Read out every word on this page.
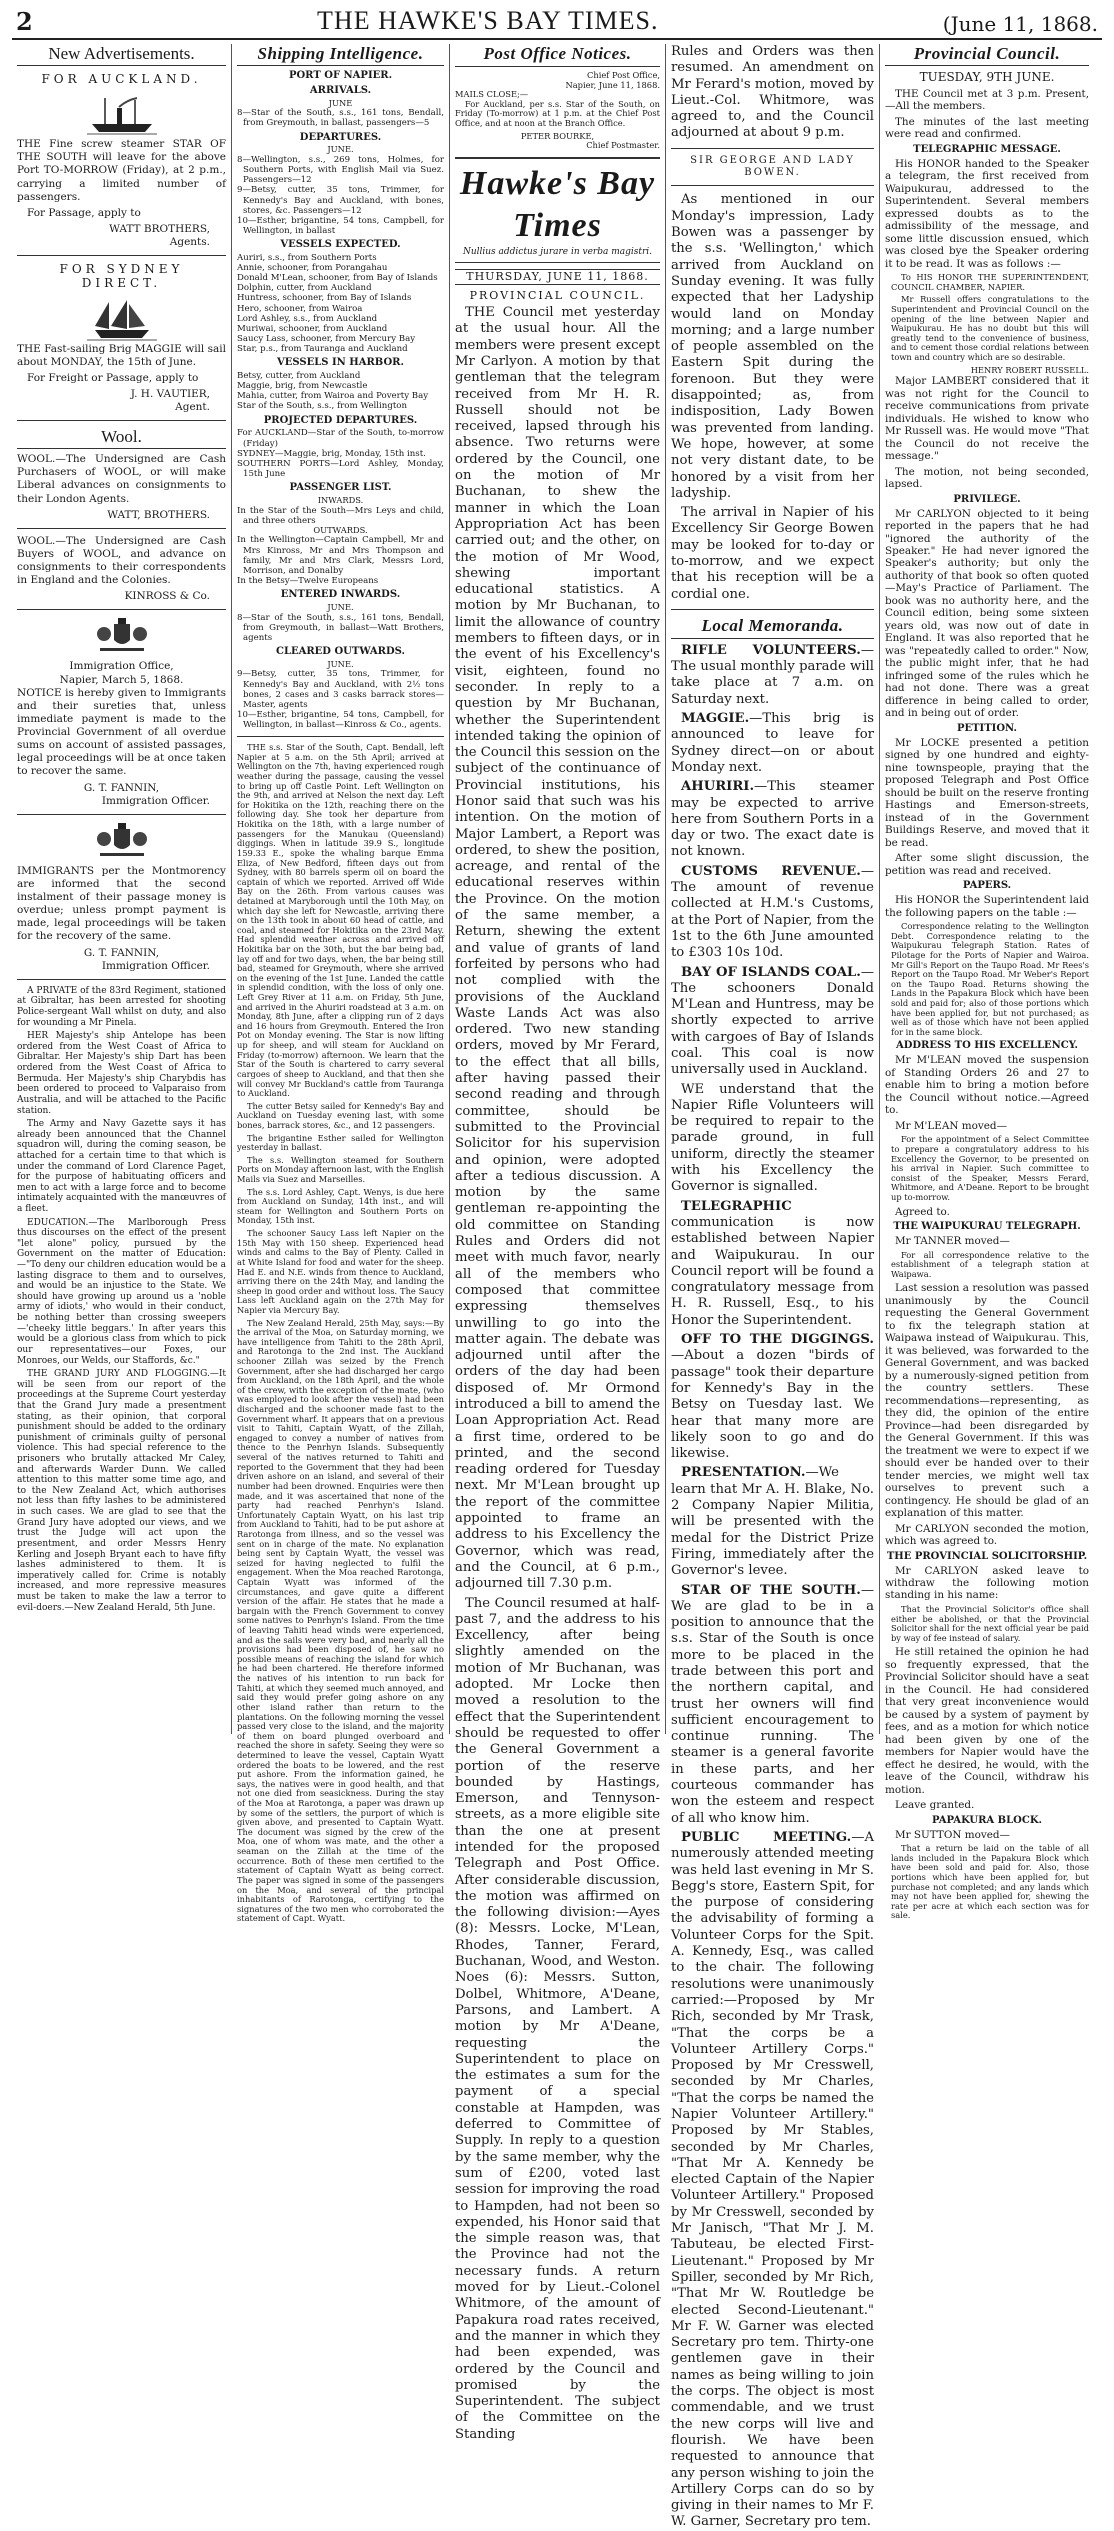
2	THE HAWKE'S BAY TIMES.	(June 11, 1868.
New Advertisements.
FOR AUCKLAND.

THE Fine screw steamer STAR OF THE SOUTH will leave for the above Port TO-MORROW (Friday), at 2 p.m., carrying a limited number of passengers.

For Passage, apply to

WATT BROTHERS,
Agents.
FOR SYDNEY DIRECT.

THE Fast-sailing Brig MAGGIE will sail about MONDAY, the 15th of June.

For Freight or Passage, apply to

J. H. VAUTIER,
Agent.
Wool.

WOOL.—The Undersigned are Cash Purchasers of WOOL, or will make Liberal advances on consignments to their London Agents.

WATT, BROTHERS.

WOOL.—The Undersigned are Cash Buyers of WOOL, and advance on consignments to their correspondents in England and the Colonies.

KINROSS & Co.
Immigration Office,
Napier, March 5, 1868.

NOTICE is hereby given to Immigrants and their sureties that, unless immediate payment is made to the Provincial Government of all overdue sums on account of assisted passages, legal proceedings will be at once taken to recover the same.

G. T. FANNIN,
Immigration Officer.

IMMIGRANTS per the Montmorency are informed that the second instalment of their passage money is overdue; unless prompt payment is made, legal proceedings will be taken for the recovery of the same.

G. T. FANNIN,
Immigration Officer.

A PRIVATE of the 83rd Regiment, stationed at Gibraltar, has been arrested for shooting Police-sergeant Wall whilst on duty, and also for wounding a Mr Pinela.

HER Majesty's ship Antelope has been ordered from the West Coast of Africa to Gibraltar. Her Majesty's ship Dart has been ordered from the West Coast of Africa to Bermuda. Her Majesty's ship Charybdis has been ordered to proceed to Valparaiso from Australia, and will be attached to the Pacific station.

The Army and Navy Gazette says it has already been announced that the Channel squadron will, during the coming season, be attached for a certain time to that which is under the command of Lord Clarence Paget, for the purpose of habituating officers and men to act with a large force and to become intimately acquainted with the manœuvres of a fleet.

EDUCATION.—The Marlborough Press thus discourses on the effect of the present "let alone" policy, pursued by the Government on the matter of Education:—"To deny our children education would be a lasting disgrace to them and to ourselves, and would be an injustice to the State. We should have growing up around us a 'noble army of idiots,' who would in their conduct, be nothing better than crossing sweepers—'cheeky little beggars.' In after years this would be a glorious class from which to pick our representatives—our Foxes, our Monroes, our Welds, our Staffords, &c."

THE GRAND JURY AND FLOGGING.—It will be seen from our report of the proceedings at the Supreme Court yesterday that the Grand Jury made a presentment stating, as their opinion, that corporal punishment should be added to the ordinary punishment of criminals guilty of personal violence. This had special reference to the prisoners who brutally attacked Mr Caley, and afterwards Warder Dunn. We called attention to this matter some time ago, and to the New Zealand Act, which authorises not less than fifty lashes to be administered in such cases. We are glad to see that the Grand Jury have adopted our views, and we trust the Judge will act upon the presentment, and order Messrs Henry Kerling and Joseph Bryant each to have fifty lashes administered to them. It is imperatively called for. Crime is notably increased, and more repressive measures must be taken to make the law a terror to evil-doers.—New Zealand Herald, 5th June.

Shipping Intelligence.
PORT OF NAPIER.
ARRIVALS.
JUNE
8—Star of the South, s.s., 161 tons, Bendall, from Greymouth, in ballast, passengers—5
DEPARTURES.
JUNE.
8—Wellington, s.s., 269 tons, Holmes, for Southern Ports, with English Mail via Suez. Passengers—12
9—Betsy, cutter, 35 tons, Trimmer, for Kennedy's Bay and Auckland, with bones, stores, &c. Passengers—12
10—Esther, brigantine, 54 tons, Campbell, for Wellington, in ballast
VESSELS EXPECTED.
Auriri, s.s., from Southern Ports
Annie, schooner, from Porangahau
Donald M'Lean, schooner, from Bay of Islands
Dolphin, cutter, from Auckland
Huntress, schooner, from Bay of Islands
Hero, schooner, from Wairoa
Lord Ashley, s.s., from Auckland
Muriwai, schooner, from Auckland
Saucy Lass, schooner, from Mercury Bay
Star, p.s., from Tauranga and Auckland
VESSELS IN HARBOR.
Betsy, cutter, from Auckland
Maggie, brig, from Newcastle
Mahia, cutter, from Wairoa and Poverty Bay
Star of the South, s.s., from Wellington
PROJECTED DEPARTURES.
For AUCKLAND—Star of the South, to-morrow (Friday)
SYDNEY—Maggie, brig, Monday, 15th inst.
SOUTHERN PORTS—Lord Ashley, Monday, 15th June
PASSENGER LIST.
INWARDS.
In the Star of the South—Mrs Leys and child, and three others
OUTWARDS.
In the Wellington—Captain Campbell, Mr and Mrs Kinross, Mr and Mrs Thompson and family, Mr and Mrs Clark, Messrs Lord, Morrison, and Donalby
In the Betsy—Twelve Europeans
ENTERED INWARDS.
JUNE.
8—Star of the South, s.s., 161 tons, Bendall, from Greymouth, in ballast—Watt Brothers, agents
CLEARED OUTWARDS.
JUNE.
9—Betsy, cutter, 35 tons, Trimmer, for Kennedy's Bay and Auckland, with 2½ tons bones, 2 cases and 3 casks barrack stores—Master, agents
10—Esther, brigantine, 54 tons, Campbell, for Wellington, in ballast—Kinross & Co., agents.

THE s.s. Star of the South, Capt. Bendall, left Napier at 5 a.m. on the 5th April; arrived at Wellington on the 7th, having experienced rough weather during the passage, causing the vessel to bring up off Castle Point. Left Wellington on the 9th, and arrived at Nelson the next day. Left for Hokitika on the 12th, reaching there on the following day. She took her departure from Hokitika on the 18th, with a large number of passengers for the Manukau (Queensland) diggings. When in latitude 39.9 S., longitude 159.33 E., spoke the whaling barque Emma Eliza, of New Bedford, fifteen days out from Sydney, with 80 barrels sperm oil on board the captain of which we reported. Arrived off Wide Bay on the 26th. From various causes was detained at Maryborough until the 10th May, on which day she left for Newcastle, arriving there on the 13th took in about 60 head of cattle, and coal, and steamed for Hokitika on the 23rd May. Had splendid weather across and arrived off Hokitika bar on the 30th, but the bar being bad, lay off and for two days, when, the bar being still bad, steamed for Greymouth, where she arrived on the evening of the 1st June. Landed the cattle in splendid condition, with the loss of only one. Left Grey River at 11 a.m. on Friday, 5th June, and arrived in the Ahuriri roadstead at 3 a.m. on Monday, 8th June, after a clipping run of 2 days and 16 hours from Greymouth. Entered the Iron Pot on Monday evening. The Star is now lifting up for sheep, and will steam for Auckland on Friday (to-morrow) afternoon. We learn that the Star of the South is chartered to carry several cargoes of sheep to Auckland, and that then she will convey Mr Buckland's cattle from Tauranga to Auckland.

The cutter Betsy sailed for Kennedy's Bay and Auckland on Tuesday evening last, with some bones, barrack stores, &c., and 12 passengers.

The brigantine Esther sailed for Wellington yesterday in ballast.

The s.s. Wellington steamed for Southern Ports on Monday afternoon last, with the English Mails via Suez and Marseilles.

The s.s. Lord Ashley, Capt. Wenys, is due here from Auckland on Sunday, 14th inst., and will steam for Wellington and Southern Ports on Monday, 15th inst.

The schooner Saucy Lass left Napier on the 15th May with 150 sheep. Experienced head winds and calms to the Bay of Plenty. Called in at White Island for food and water for the sheep. Had E. and N.E. winds from thence to Auckland, arriving there on the 24th May, and landing the sheep in good order and without loss. The Saucy Lass left Auckland again on the 27th May for Napier via Mercury Bay.

The New Zealand Herald, 25th May, says:—By the arrival of the Moa, on Saturday morning, we have intelligence from Tahiti to the 28th April, and Rarotonga to the 2nd inst. The Auckland schooner Zillah was seized by the French Government, after she had discharged her cargo from Auckland, on the 18th April, and the whole of the crew, with the exception of the mate, (who was employed to look after the vessel) had been discharged and the schooner made fast to the Government wharf. It appears that on a previous visit to Tahiti, Captain Wyatt, of the Zillah, engaged to convey a number of natives from thence to the Penrhyn Islands. Subsequently several of the natives returned to Tahiti and reported to the Government that they had been driven ashore on an island, and several of their number had been drowned. Enquiries were then made, and it was ascertained that none of the party had reached Penrhyn's Island. Unfortunately Captain Wyatt, on his last trip from Auckland to Tahiti, had to be put ashore at Rarotonga from illness, and so the vessel was sent on in charge of the mate. No explanation being sent by Captain Wyatt, the vessel was seized for having neglected to fulfil the engagement. When the Moa reached Rarotonga, Captain Wyatt was informed of the circumstances, and gave quite a different version of the affair. He states that he made a bargain with the French Government to convey some natives to Penrhyn's Island. From the time of leaving Tahiti head winds were experienced, and as the sails were very bad, and nearly all the provisions had been disposed of, he saw no possible means of reaching the island for which he had been chartered. He therefore informed the natives of his intention to run back for Tahiti, at which they seemed much annoyed, and said they would prefer going ashore on any other island rather than return to the plantations. On the following morning the vessel passed very close to the island, and the majority of them on board plunged overboard and reached the shore in safety. Seeing they were so determined to leave the vessel, Captain Wyatt ordered the boats to be lowered, and the rest put ashore. From the information gained, he says, the natives were in good health, and that not one died from seasickness. During the stay of the Moa at Rarotonga, a paper was drawn up by some of the settlers, the purport of which is given above, and presented to Captain Wyatt. The document was signed by the crew of the Moa, one of whom was mate, and the other a seaman on the Zillah at the time of the occurrence. Both of these men certified to the statement of Captain Wyatt as being correct. The paper was signed in some of the passengers on the Moa, and several of the principal inhabitants of Rarotonga, certifying to the signatures of the two men who corroborated the statement of Capt. Wyatt.

Post Office Notices.
Chief Post Office,
Napier, June 11, 1868.
MAILS CLOSE;—

For Auckland, per s.s. Star of the South, on Friday (To-morrow) at 1 p.m. at the Chief Post Office, and at noon at the Branch Office.

PETER BOURKE,
Chief Postmaster.
Hawke's Bay Times
Nullius addictus jurare in verba magistri.
THURSDAY, JUNE 11, 1868.
PROVINCIAL COUNCIL.

THE Council met yesterday at the usual hour. All the members were present except Mr Carlyon. A motion by that gentleman that the telegram received from Mr H. R. Russell should not be received, lapsed through his absence. Two returns were ordered by the Council, one on the motion of Mr Buchanan, to shew the manner in which the Loan Appropriation Act has been carried out; and the other, on the motion of Mr Wood, shewing important educational statistics. A motion by Mr Buchanan, to limit the allowance of country members to fifteen days, or in the event of his Excellency's visit, eighteen, found no seconder. In reply to a question by Mr Buchanan, whether the Superintendent intended taking the opinion of the Council this session on the subject of the continuance of Provincial institutions, his Honor said that such was his intention. On the motion of Major Lambert, a Report was ordered, to shew the position, acreage, and rental of the educational reserves within the Province. On the motion of the same member, a Return, shewing the extent and value of grants of land forfeited by persons who had not complied with the provisions of the Auckland Waste Lands Act was also ordered. Two new standing orders, moved by Mr Ferard, to the effect that all bills, after having passed their second reading and through committee, should be submitted to the Provincial Solicitor for his supervision and opinion, were adopted after a tedious discussion. A motion by the same gentleman re-appointing the old committee on Standing Rules and Orders did not meet with much favor, nearly all of the members who composed that committee expressing themselves unwilling to go into the matter again. The debate was adjourned until after the orders of the day had been disposed of. Mr Ormond introduced a bill to amend the Loan Appropriation Act. Read a first time, ordered to be printed, and the second reading ordered for Tuesday next. Mr M'Lean brought up the report of the committee appointed to frame an address to his Excellency the Governor, which was read, and the Council, at 6 p.m., adjourned till 7.30 p.m.

The Council resumed at half-past 7, and the address to his Excellency, after being slightly amended on the motion of Mr Buchanan, was adopted. Mr Locke then moved a resolution to the effect that the Superintendent should be requested to offer the General Government a portion of the reserve bounded by Hastings, Emerson, and Tennyson-streets, as a more eligible site than the one at present intended for the proposed Telegraph and Post Office. After considerable discussion, the motion was affirmed on the following division:—Ayes (8): Messrs. Locke, M'Lean, Rhodes, Tanner, Ferard, Buchanan, Wood, and Weston. Noes (6): Messrs. Sutton, Dolbel, Whitmore, A'Deane, Parsons, and Lambert. A motion by Mr A'Deane, requesting the Superintendent to place on the estimates a sum for the payment of a special constable at Hampden, was deferred to Committee of Supply. In reply to a question by the same member, why the sum of £200, voted last session for improving the road to Hampden, had not been so expended, his Honor said that the simple reason was, that the Province had not the necessary funds. A return moved for by Lieut.-Colonel Whitmore, of the amount of Papakura road rates received, and the manner in which they had been expended, was ordered by the Council and promised by the Superintendent. The subject of the Committee on the Standing

Rules and Orders was then resumed. An amendment on Mr Ferard's motion, moved by Lieut.-Col. Whitmore, was agreed to, and the Council adjourned at about 9 p.m.

SIR GEORGE AND LADY BOWEN.

As mentioned in our Monday's impression, Lady Bowen was a passenger by the s.s. 'Wellington,' which arrived from Auckland on Sunday evening. It was fully expected that her Ladyship would land on Monday morning; and a large number of people assembled on the Eastern Spit during the forenoon. But they were disappointed; as, from indisposition, Lady Bowen was prevented from landing. We hope, however, at some not very distant date, to be honored by a visit from her ladyship.

The arrival in Napier of his Excellency Sir George Bowen may be looked for to-day or to-morrow, and we expect that his reception will be a cordial one.

Local Memoranda.

RIFLE VOLUNTEERS.—The usual monthly parade will take place at 7 a.m. on Saturday next.

MAGGIE.—This brig is announced to leave for Sydney direct—on or about Monday next.

AHURIRI.—This steamer may be expected to arrive here from Southern Ports in a day or two. The exact date is not known.

CUSTOMS REVENUE.—The amount of revenue collected at H.M.'s Customs, at the Port of Napier, from the 1st to the 6th June amounted to £303 10s 10d.

BAY OF ISLANDS COAL.—The schooners Donald M'Lean and Huntress, may be shortly expected to arrive with cargoes of Bay of Islands coal. This coal is now universally used in Auckland.

WE understand that the Napier Rifle Volunteers will be required to repair to the parade ground, in full uniform, directly the steamer with his Excellency the Governor is signalled.

TELEGRAPHIC communication is now established between Napier and Waipukurau. In our Council report will be found a congratulatory message from H. R. Russell, Esq., to his Honor the Superintendent.

OFF TO THE DIGGINGS.—About a dozen "birds of passage" took their departure for Kennedy's Bay in the Betsy on Tuesday last. We hear that many more are likely soon to go and do likewise.

PRESENTATION.—We learn that Mr A. H. Blake, No. 2 Company Napier Militia, will be presented with the medal for the District Prize Firing, immediately after the Governor's levee.

STAR OF THE SOUTH.—We are glad to be in a position to announce that the s.s. Star of the South is once more to be placed in the trade between this port and the northern capital, and trust her owners will find sufficient encouragement to continue running. The steamer is a general favorite in these parts, and her courteous commander has won the esteem and respect of all who know him.

PUBLIC MEETING.—A numerously attended meeting was held last evening in Mr S. Begg's store, Eastern Spit, for the purpose of considering the advisability of forming a Volunteer Corps for the Spit. A. Kennedy, Esq., was called to the chair. The following resolutions were unanimously carried:—Proposed by Mr Rich, seconded by Mr Trask, "That the corps be a Volunteer Artillery Corps." Proposed by Mr Cresswell, seconded by Mr Charles, "That the corps be named the Napier Volunteer Artillery." Proposed by Mr Stables, seconded by Mr Charles, "That Mr A. Kennedy be elected Captain of the Napier Volunteer Artillery." Proposed by Mr Cresswell, seconded by Mr Janisch, "That Mr J. M. Tabuteau, be elected First-Lieutenant." Proposed by Mr Spiller, seconded by Mr Rich, "That Mr W. Routledge be elected Second-Lieutenant." Mr F. W. Garner was elected Secretary pro tem. Thirty-one gentlemen gave in their names as being willing to join the corps. The object is most commendable, and we trust the new corps will live and flourish. We have been requested to announce that any person wishing to join the Artillery Corps can do so by giving in their names to Mr F. W. Garner, Secretary pro tem.

Provincial Council.
TUESDAY, 9TH JUNE.

THE Council met at 3 p.m. Present,—All the members.

The minutes of the last meeting were read and confirmed.

TELEGRAPHIC MESSAGE.

His HONOR handed to the Speaker a telegram, the first received from Waipukurau, addressed to the Superintendent. Several members expressed doubts as to the admissibility of the message, and some little discussion ensued, which was closed bye the Speaker ordering it to be read. It was as follows :—

To HIS HONOR THE SUPERINTENDENT, COUNCIL CHAMBER, NAPIER.

Mr Russell offers congratulations to the Superintendent and Provincial Council on the opening of the line between Napier and Waipukurau. He has no doubt but this will greatly tend to the convenience of business, and to cement those cordial relations between town and country which are so desirable.

HENRY ROBERT RUSSELL.

Major LAMBERT considered that it was not right for the Council to receive communications from private individuals. He wished to know who Mr Russell was. He would move "That the Council do not receive the message."

The motion, not being seconded, lapsed.

PRIVILEGE.

Mr CARLYON objected to it being reported in the papers that he had "ignored the authority of the Speaker." He had never ignored the Speaker's authority; but only the authority of that book so often quoted—May's Practice of Parliament. The book was no authority here, and the Council edition, being some sixteen years old, was now out of date in England. It was also reported that he was "repeatedly called to order." Now, the public might infer, that he had infringed some of the rules which he had not done. There was a great difference in being called to order, and in being out of order.

PETITION.

Mr LOCKE presented a petition signed by one hundred and eighty-nine townspeople, praying that the proposed Telegraph and Post Office should be built on the reserve fronting Hastings and Emerson-streets, instead of in the Government Buildings Reserve, and moved that it be read.

After some slight discussion, the petition was read and received.

PAPERS.

His HONOR the Superintendent laid the following papers on the table :—

Correspondence relating to the Wellington Debt. Correspondence relating to the Waipukurau Telegraph Station. Rates of Pilotage for the Ports of Napier and Wairoa. Mr Gill's Report on the Taupo Road. Mr Rees's Report on the Taupo Road. Mr Weber's Report on the Taupo Road. Returns showing the Lands in the Papakura Block which have been sold and paid for; also of those portions which have been applied for, but not purchased; as well as of those which have not been applied for in the same block.

ADDRESS TO HIS EXCELLENCY.

Mr M'LEAN moved the suspension of Standing Orders 26 and 27 to enable him to bring a motion before the Council without notice.—Agreed to.

Mr M'LEAN moved—

For the appointment of a Select Committee to prepare a congratulatory address to his Excellency the Governor, to be presented on his arrival in Napier. Such committee to consist of the Speaker, Messrs Ferard, Whitmore, and A'Deane. Report to be brought up to-morrow.

Agreed to.

THE WAIPUKURAU TELEGRAPH.

Mr TANNER moved—

For all correspondence relative to the establishment of a telegraph station at Waipawa.

Last session a resolution was passed unanimously by the Council requesting the General Government to fix the telegraph station at Waipawa instead of Waipukurau. This, it was believed, was forwarded to the General Government, and was backed by a numerously-signed petition from the country settlers. These recommendations—representing, as they did, the opinion of the entire Province—had been disregarded by the General Government. If this was the treatment we were to expect if we should ever be handed over to their tender mercies, we might well tax ourselves to prevent such a contingency. He should be glad of an explanation of this matter.

Mr CARLYON seconded the motion, which was agreed to.

THE PROVINCIAL SOLICITORSHIP.

Mr CARLYON asked leave to withdraw the following motion standing in his name:

That the Provincial Solicitor's office shall either be abolished, or that the Provincial Solicitor shall for the next official year be paid by way of fee instead of salary.

He still retained the opinion he had so frequently expressed, that the Provincial Solicitor should have a seat in the Council. He had considered that very great inconvenience would be caused by a system of payment by fees, and as a motion for which notice had been given by one of the members for Napier would have the effect he desired, he would, with the leave of the Council, withdraw his motion.

Leave granted.

PAPAKURA BLOCK.

Mr SUTTON moved—

That a return be laid on the table of all lands included in the Papakura Block which have been sold and paid for. Also, those portions which have been applied for, but purchase not completed; and any lands which may not have been applied for, shewing the rate per acre at which each section was for sale.
